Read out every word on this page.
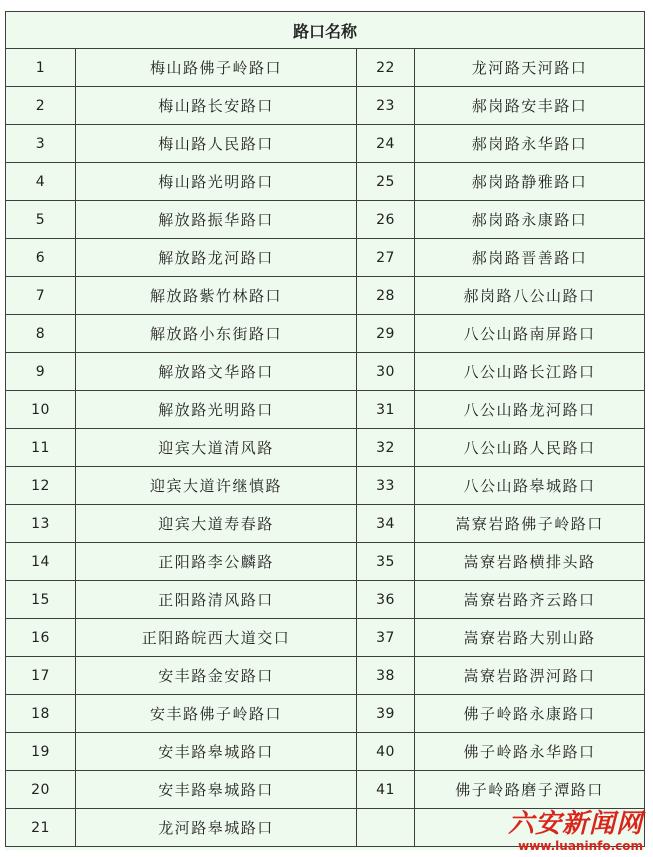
路口名称			
1	梅山路佛子岭路口	22	龙河路天河路口
2	梅山路长安路口	23	郝岗路安丰路口
3	梅山路人民路口	24	郝岗路永华路口
4	梅山路光明路口	25	郝岗路静雅路口
5	解放路振华路口	26	郝岗路永康路口
6	解放路龙河路口	27	郝岗路晋善路口
7	解放路紫竹林路口	28	郝岗路八公山路口
8	解放路小东街路口	29	八公山路南屏路口
9	解放路文华路口	30	八公山路长江路口
10	解放路光明路口	31	八公山路龙河路口
11	迎宾大道清风路	32	八公山路人民路口
12	迎宾大道许继慎路	33	八公山路皋城路口
13	迎宾大道寿春路	34	嵩寮岩路佛子岭路口
14	正阳路李公麟路	35	嵩寮岩路横排头路
15	正阳路清风路口	36	嵩寮岩路齐云路口
16	正阳路皖西大道交口	37	嵩寮岩路大别山路
17	安丰路金安路口	38	嵩寮岩路淠河路口
18	安丰路佛子岭路口	39	佛子岭路永康路口
19	安丰路皋城路口	40	佛子岭路永华路口
20	安丰路皋城路口	41	佛子岭路磨子潭路口
21	龙河路皋城路口			六安新闻网
www.luaninfo.com
